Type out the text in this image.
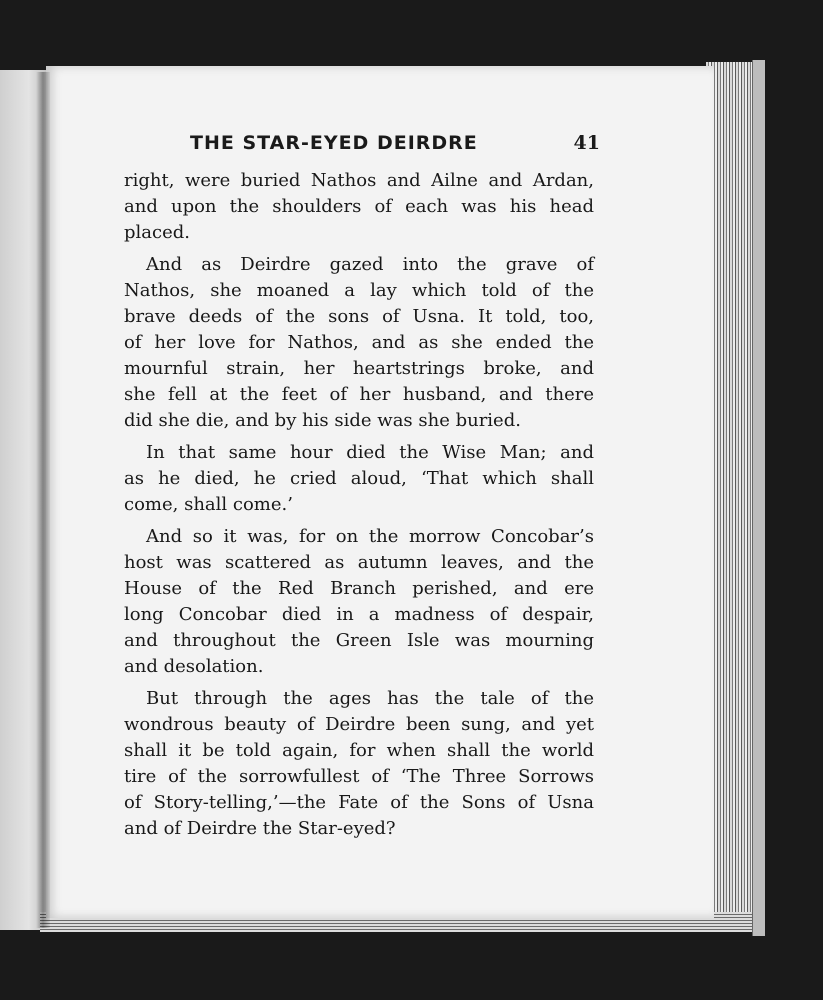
THE STAR-EYED DEIRDRE	41
right, were buried Nathos and Ailne and Ardan,
and upon the shoulders of each was his head
placed.
And as Deirdre gazed into the grave of
Nathos, she moaned a lay which told of the
brave deeds of the sons of Usna. It told, too,
of her love for Nathos, and as she ended the
mournful strain, her heartstrings broke, and
she fell at the feet of her husband, and there
did she die, and by his side was she buried.
In that same hour died the Wise Man; and
as he died, he cried aloud, ‘That which shall
come, shall come.’
And so it was, for on the morrow Concobar’s
host was scattered as autumn leaves, and the
House of the Red Branch perished, and ere
long Concobar died in a madness of despair,
and throughout the Green Isle was mourning
and desolation.
But through the ages has the tale of the
wondrous beauty of Deirdre been sung, and yet
shall it be told again, for when shall the world
tire of the sorrowfullest of ‘The Three Sorrows
of Story-telling,’—the Fate of the Sons of Usna
and of Deirdre the Star-eyed?
